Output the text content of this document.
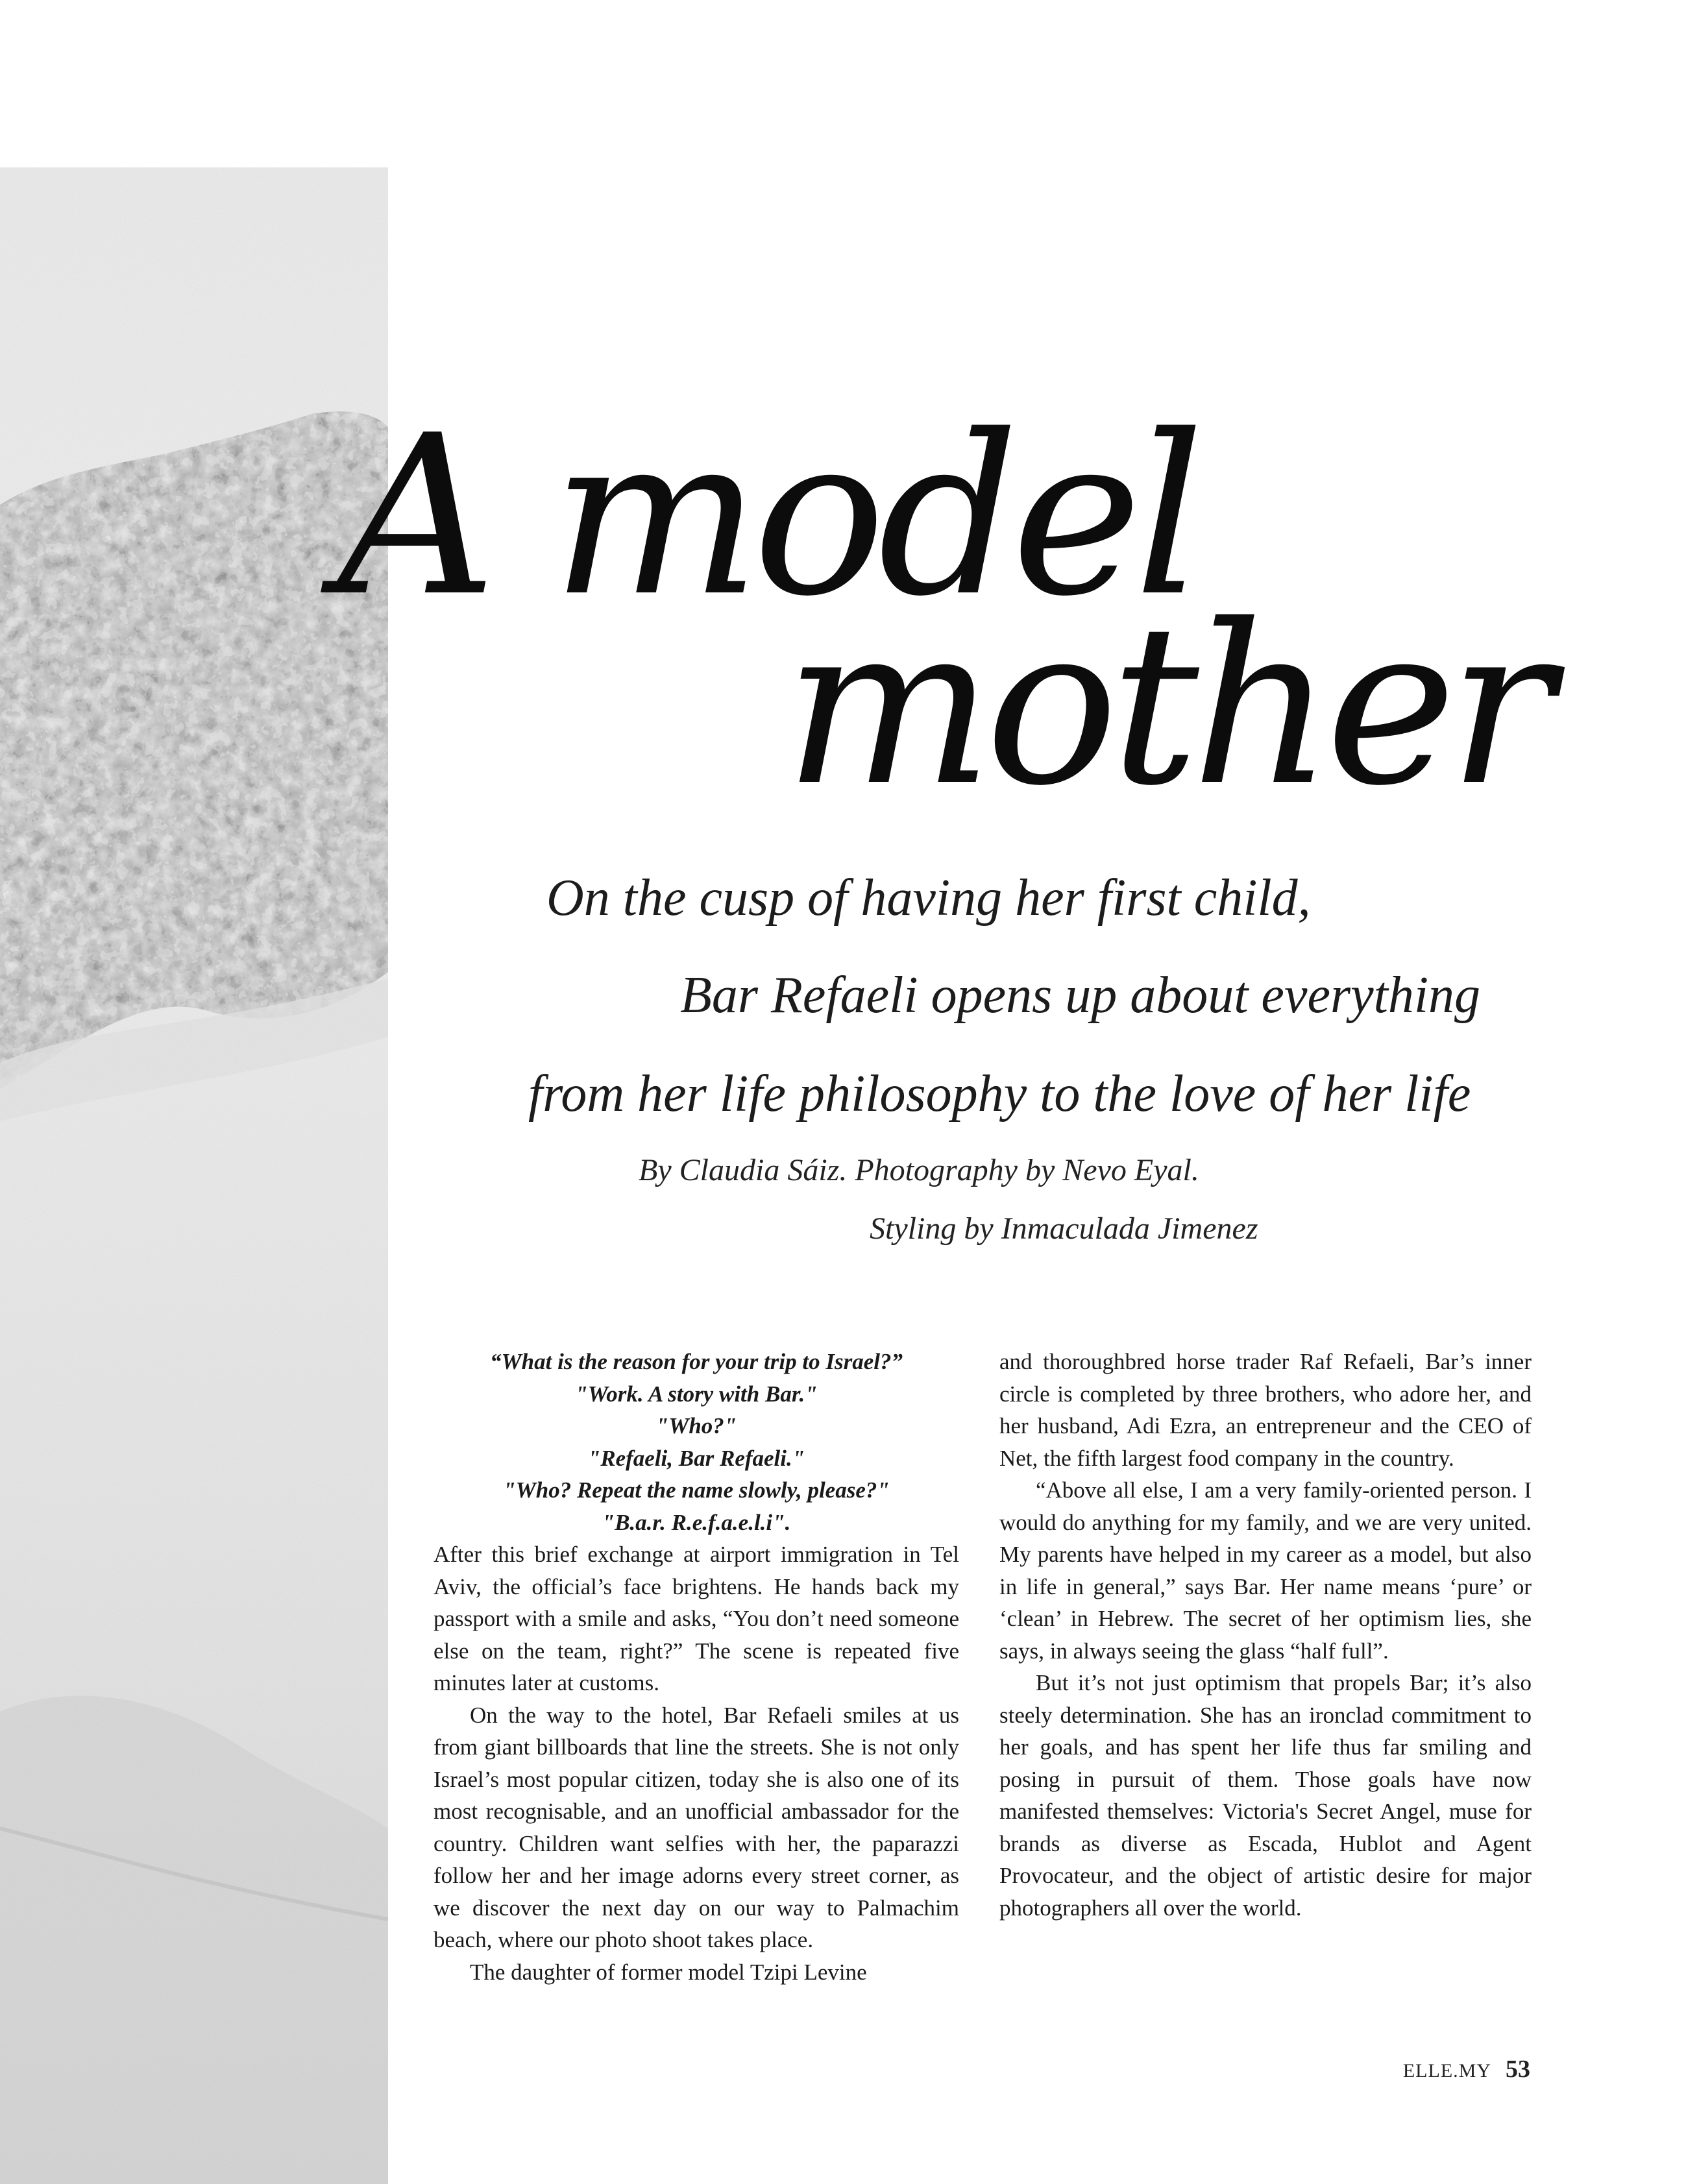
A model
mother

On the cusp of having her first child,

Bar Refaeli opens up about everything

from her life philosophy to the love of her life

By Claudia Sáiz. Photography by Nevo Eyal.

Styling by Inmaculada Jimenez

“What is the reason for your trip to Israel?”
"Work. A story with Bar."
"Who?"
"Refaeli, Bar Refaeli."
"Who? Repeat the name slowly, please?"
"B.a.r. R.e.f.a.e.l.i".

After this brief exchange at airport immigration in Tel Aviv, the official’s face brightens. He hands back my passport with a smile and asks, “You don’t need someone else on the team, right?” The scene is repeated five minutes later at customs.

On the way to the hotel, Bar Refaeli smiles at us from giant billboards that line the streets. She is not only Israel’s most popular citizen, today she is also one of its most recognisable, and an unofficial ambassador for the country. Children want selfies with her, the paparazzi follow her and her image adorns every street corner, as we discover the next day on our way to Palmachim beach, where our photo shoot takes place.

The daughter of former model Tzipi Levine

and thoroughbred horse trader Raf Refaeli, Bar’s inner circle is completed by three brothers, who adore her, and her husband, Adi Ezra, an entrepreneur and the CEO of Net, the fifth largest food company in the country.

“Above all else, I am a very family-oriented person. I would do anything for my family, and we are very united. My parents have helped in my career as a model, but also in life in general,” says Bar. Her name means ‘pure’ or ‘clean’ in Hebrew. The secret of her optimism lies, she says, in always seeing the glass “half full”.

But it’s not just optimism that propels Bar; it’s also steely determination. She has an ironclad commitment to her goals, and has spent her life thus far smiling and posing in pursuit of them. Those goals have now manifested themselves: Victoria's Secret Angel, muse for brands as diverse as Escada, Hublot and Agent Provocateur, and the object of artistic desire for major photographers all over the world.

ELLE.MY 53
